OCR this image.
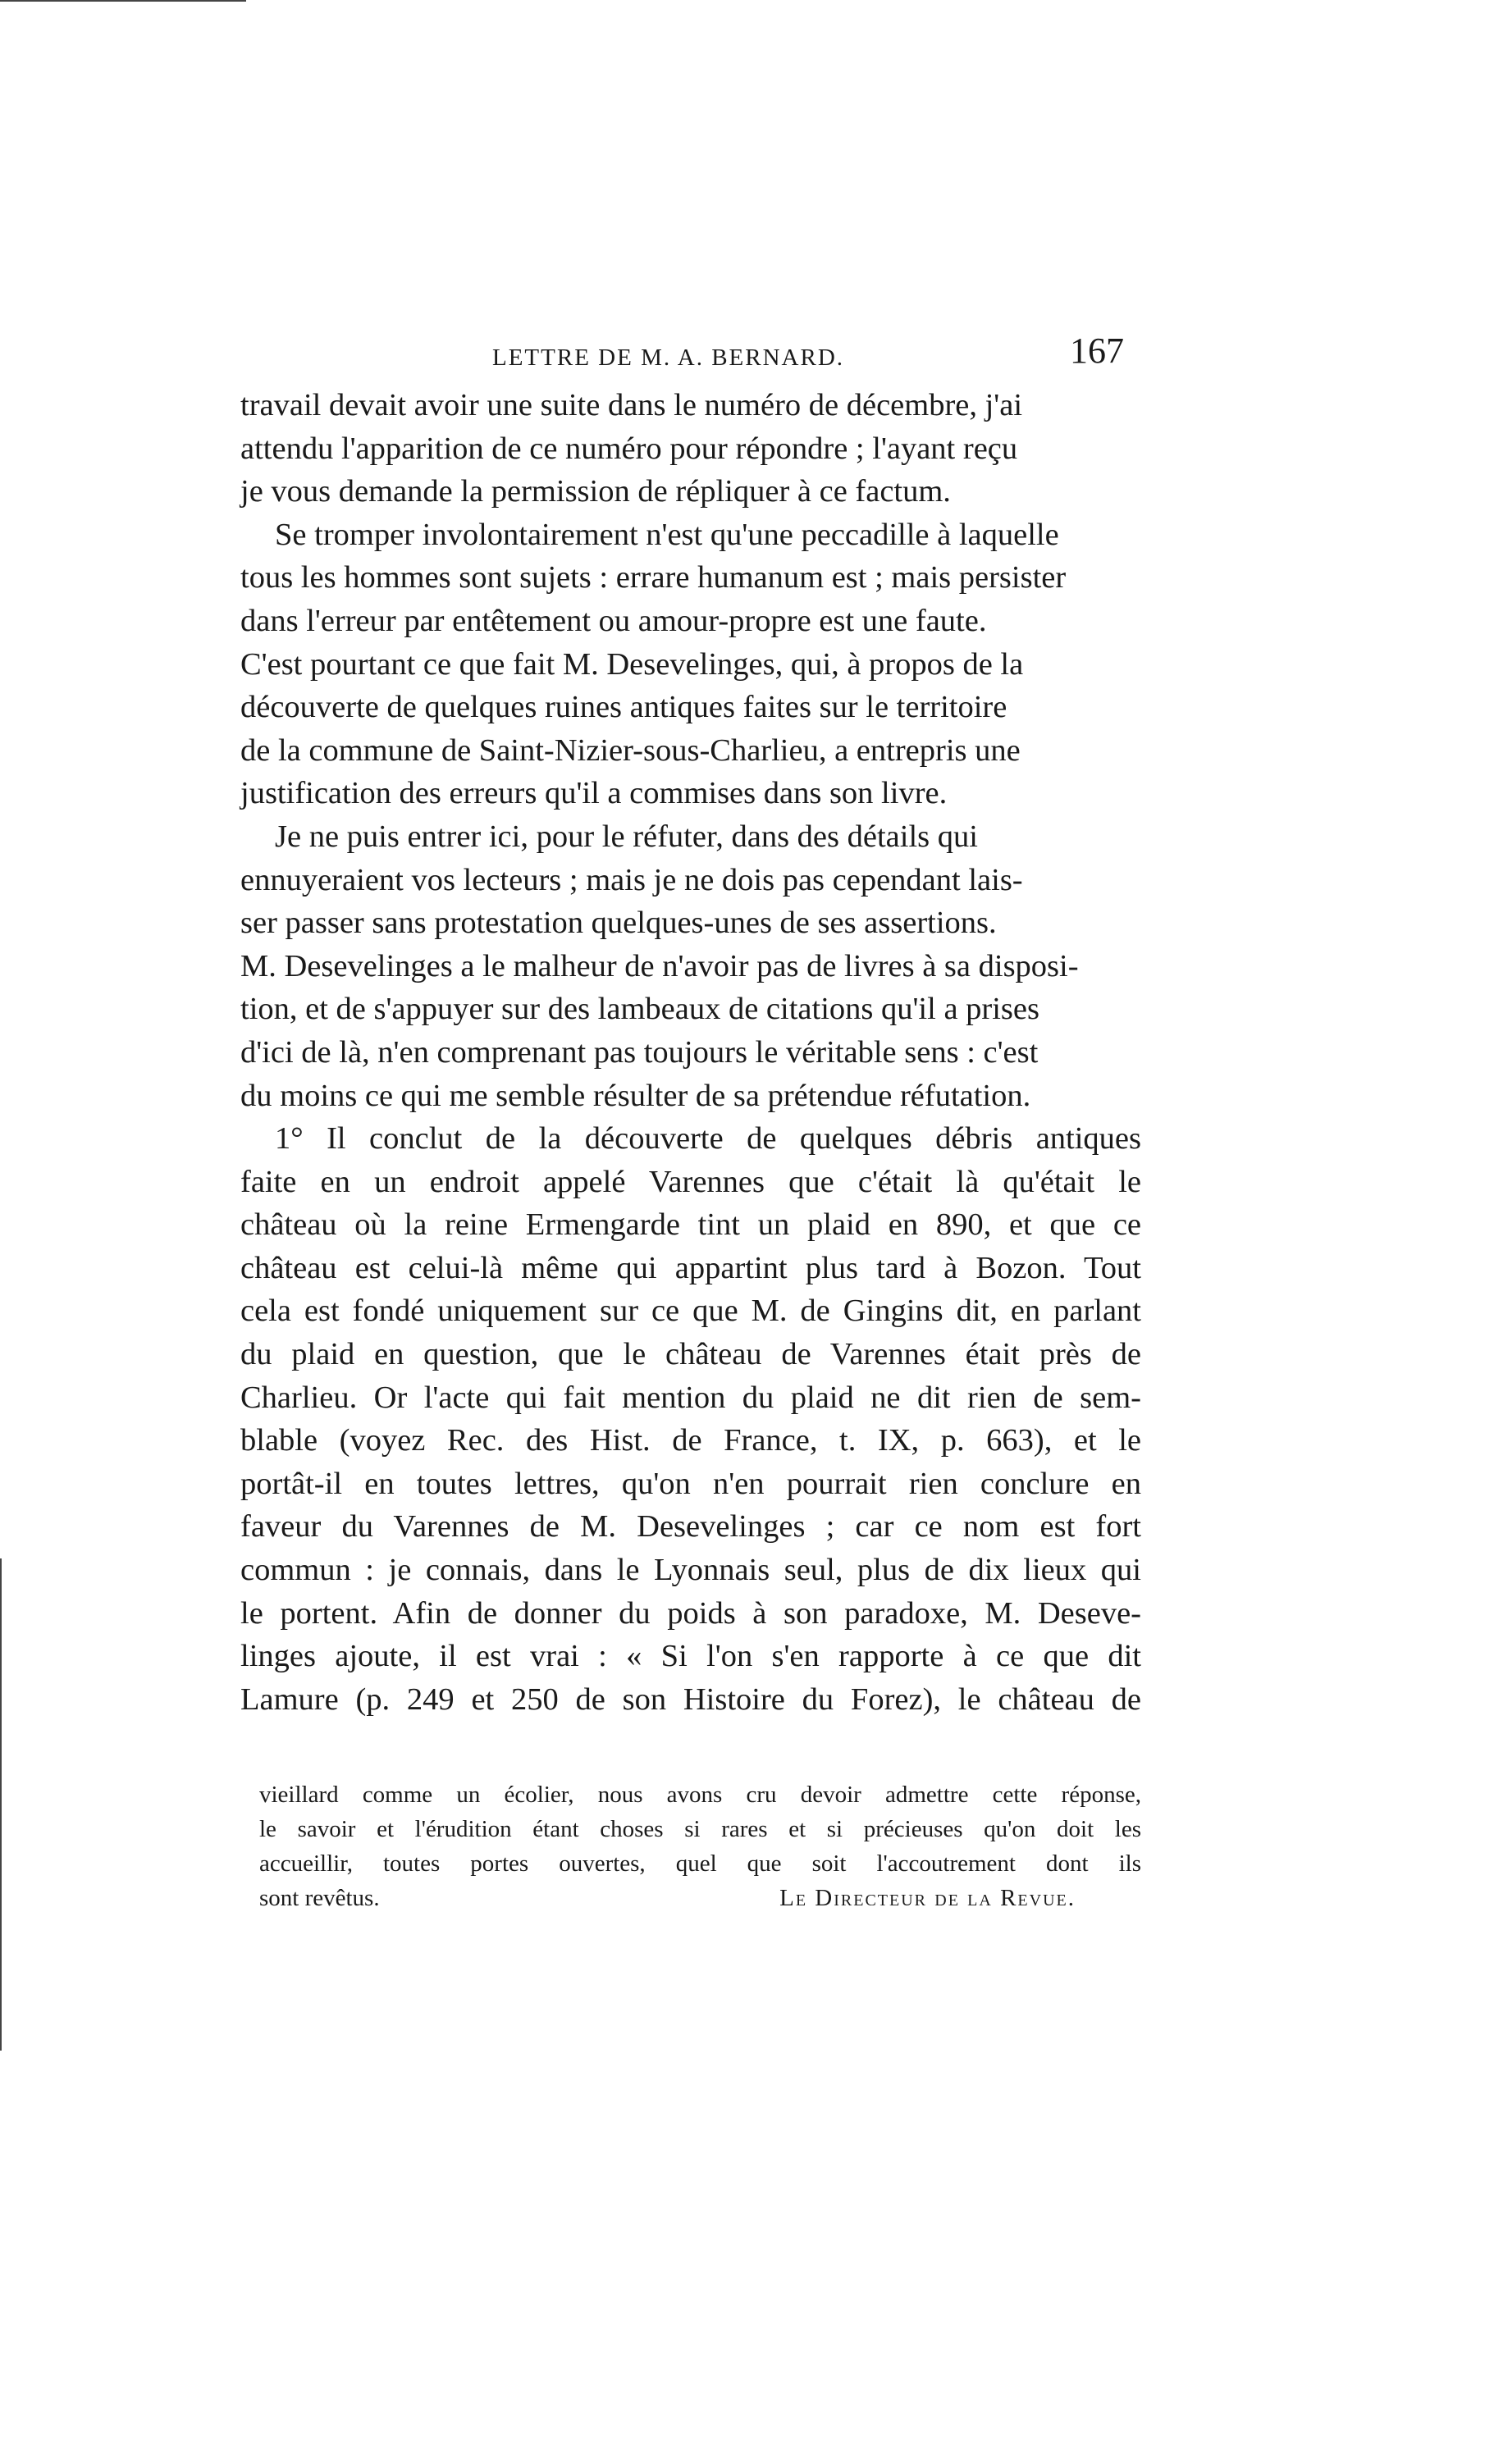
LETTRE DE M. A. BERNARD.	167

travail devait avoir une suite dans le numéro de décembre, j'ai
attendu l'apparition de ce numéro pour répondre ; l'ayant reçu
je vous demande la permission de répliquer à ce factum.

Se tromper involontairement n'est qu'une peccadille à laquelle
tous les hommes sont sujets : errare humanum est ; mais persister
dans l'erreur par entêtement ou amour-propre est une faute.
C'est pourtant ce que fait M. Desevelinges, qui, à propos de la
découverte de quelques ruines antiques faites sur le territoire
de la commune de Saint-Nizier-sous-Charlieu, a entrepris une
justification des erreurs qu'il a commises dans son livre.

Je ne puis entrer ici, pour le réfuter, dans des détails qui
ennuyeraient vos lecteurs ; mais je ne dois pas cependant lais-
ser passer sans protestation quelques-unes de ses assertions.
M. Desevelinges a le malheur de n'avoir pas de livres à sa disposi-
tion, et de s'appuyer sur des lambeaux de citations qu'il a prises
d'ici de là, n'en comprenant pas toujours le véritable sens : c'est
du moins ce qui me semble résulter de sa prétendue réfutation.

1° Il conclut de la découverte de quelques débris antiques
faite en un endroit appelé Varennes que c'était là qu'était le
château où la reine Ermengarde tint un plaid en 890, et que ce
château est celui-là même qui appartint plus tard à Bozon. Tout
cela est fondé uniquement sur ce que M. de Gingins dit, en parlant
du plaid en question, que le château de Varennes était près de
Charlieu. Or l'acte qui fait mention du plaid ne dit rien de sem-
blable (voyez Rec. des Hist. de France, t. IX, p. 663), et le
portât-il en toutes lettres, qu'on n'en pourrait rien conclure en
faveur du Varennes de M. Desevelinges ; car ce nom est fort
commun : je connais, dans le Lyonnais seul, plus de dix lieux qui
le portent. Afin de donner du poids à son paradoxe, M. Deseve-
linges ajoute, il est vrai : « Si l'on s'en rapporte à ce que dit
Lamure (p. 249 et 250 de son Histoire du Forez), le château de

vieillard comme un écolier, nous avons cru devoir admettre cette réponse,
le savoir et l'érudition étant choses si rares et si précieuses qu'on doit les
accueillir, toutes portes ouvertes, quel que soit l'accoutrement dont ils

sont revêtus.	Le Directeur de la Revue.
